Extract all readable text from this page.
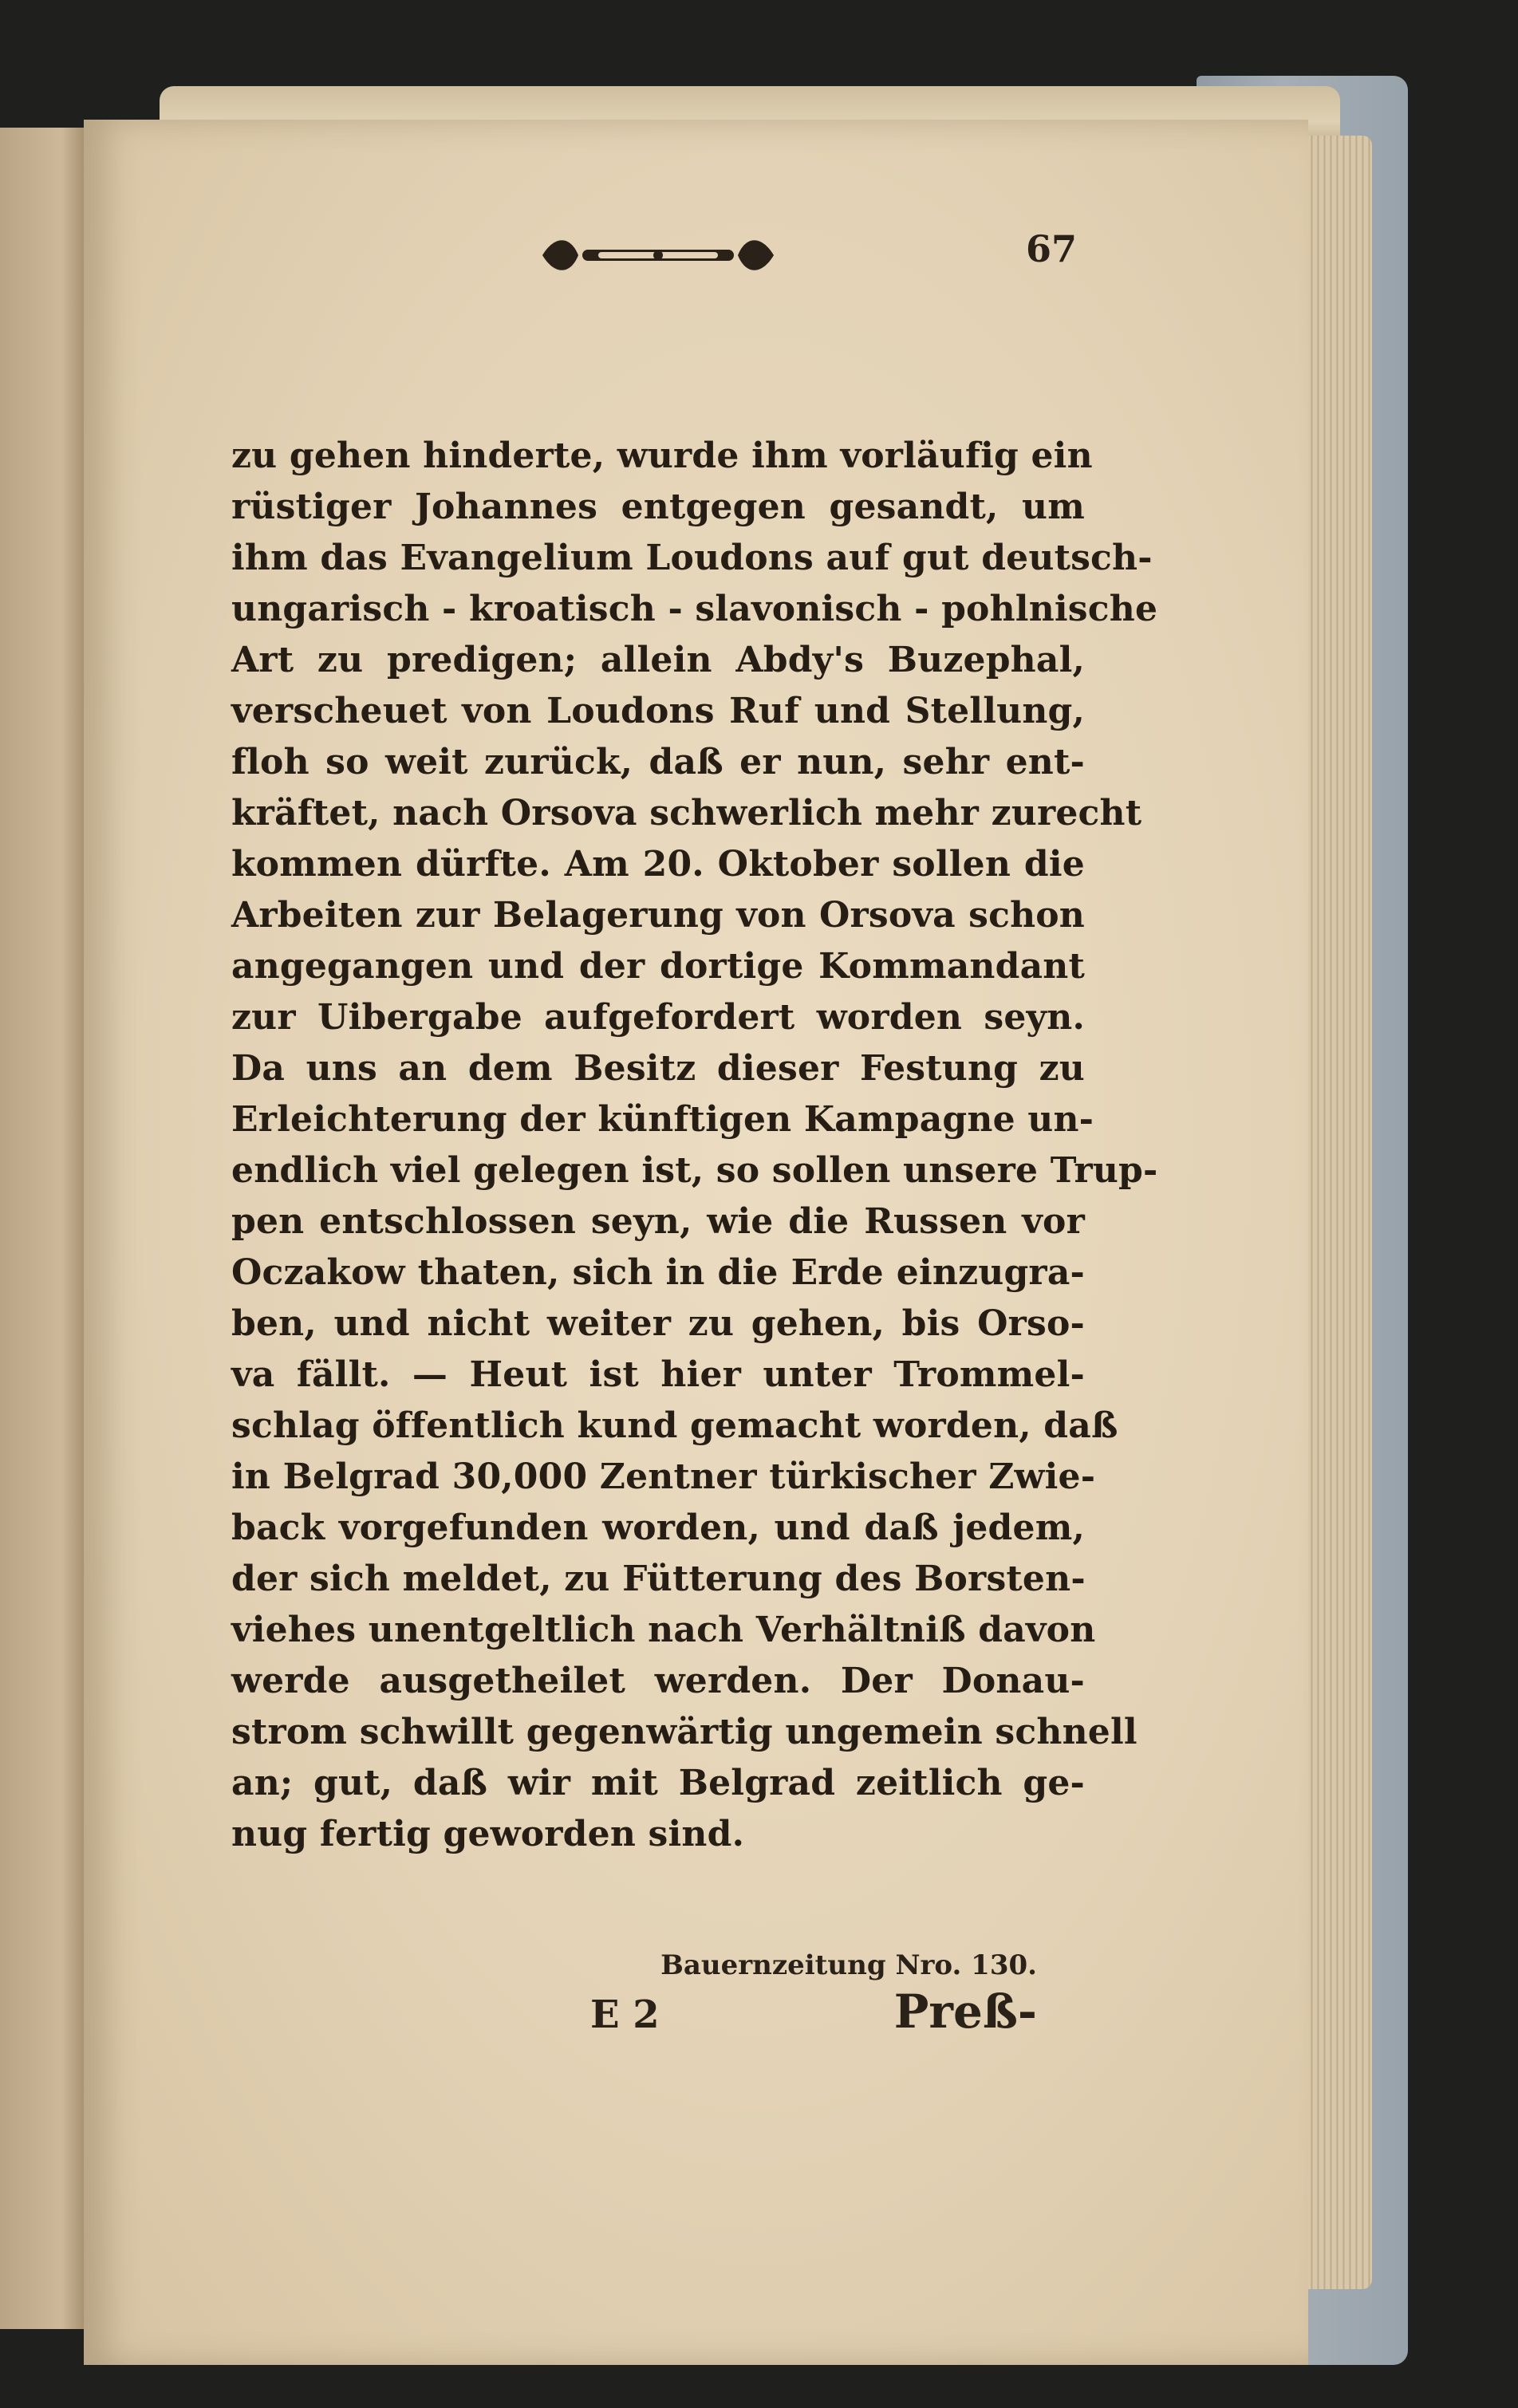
67
zu gehen hinderte, wurde ihm vorläufig ein
rüstiger Johannes entgegen gesandt, um
ihm das Evangelium Loudons auf gut deutsch-
ungarisch - kroatisch - slavonisch - pohlnische
Art zu predigen; allein Abdy's Buzephal,
verscheuet von Loudons Ruf und Stellung,
floh so weit zurück, daß er nun, sehr ent-
kräftet, nach Orsova schwerlich mehr zurecht
kommen dürfte. Am 20. Oktober sollen die
Arbeiten zur Belagerung von Orsova schon
angegangen und der dortige Kommandant
zur Uibergabe aufgefordert worden seyn.
Da uns an dem Besitz dieser Festung zu
Erleichterung der künftigen Kampagne un-
endlich viel gelegen ist, so sollen unsere Trup-
pen entschlossen seyn, wie die Russen vor
Oczakow thaten, sich in die Erde einzugra-
ben, und nicht weiter zu gehen, bis Orso-
va fällt. — Heut ist hier unter Trommel-
schlag öffentlich kund gemacht worden, daß
in Belgrad 30,000 Zentner türkischer Zwie-
back vorgefunden worden, und daß jedem,
der sich meldet, zu Fütterung des Borsten-
viehes unentgeltlich nach Verhältniß davon
werde ausgetheilet werden. Der Donau-
strom schwillt gegenwärtig ungemein schnell
an; gut, daß wir mit Belgrad zeitlich ge-
nug fertig geworden sind.
Bauernzeitung Nro. 130.
E 2	Preß-
